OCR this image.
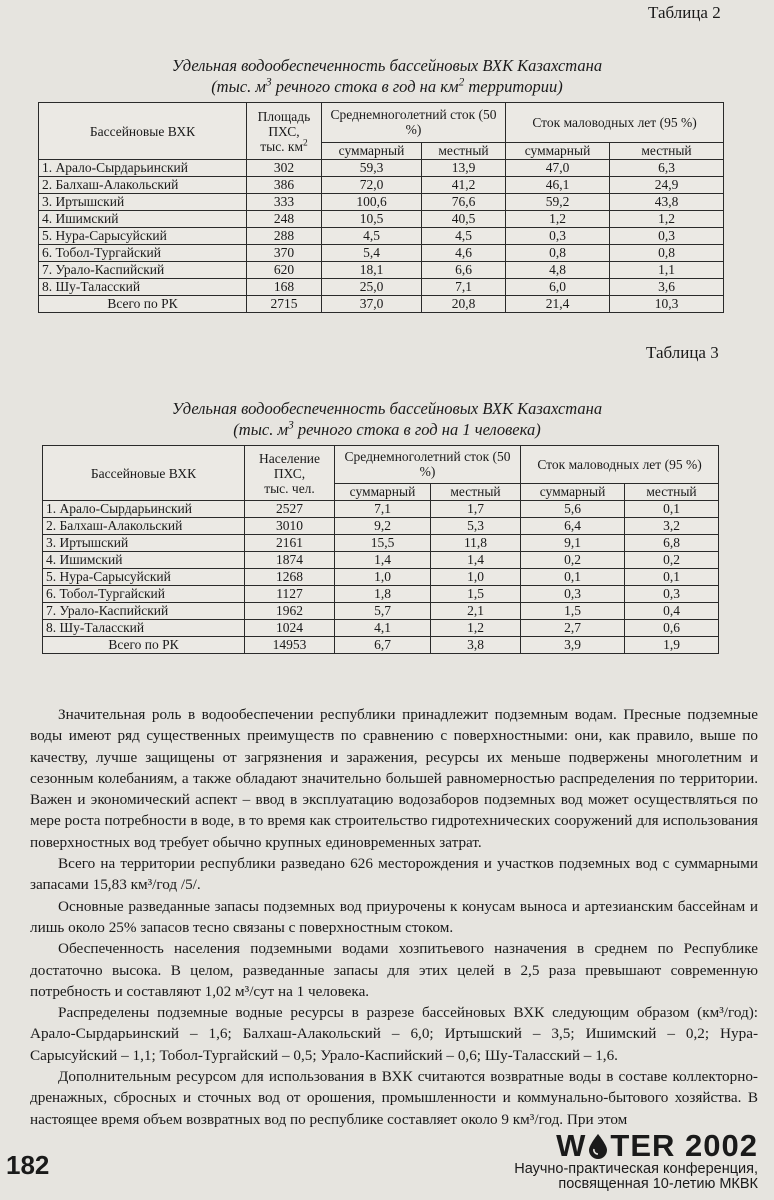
Таблица 2
Удельная водообеспеченность бассейновых ВХК Казахстана
(тыс. $м^3$ речного стока в год на $км^2$ территории)
Бассейновые ВХК	Площадь
ПХС,
тыс. $км^2$	Среднемноголетний сток (50 %)		Сток маловодных лет (95 %)	
		суммарный	местный	суммарный	местный
1. Арало-Сырдарьинский	302	59,3	13,9	47,0	6,3
2. Балхаш-Алакольский	386	72,0	41,2	46,1	24,9
3. Иртышский	333	100,6	76,6	59,2	43,8
4. Ишимский	248	10,5	40,5	1,2	1,2
5. Нура-Сарысуйский	288	4,5	4,5	0,3	0,3
6. Тобол-Тургайский	370	5,4	4,6	0,8	0,8
7. Урало-Каспийский	620	18,1	6,6	4,8	1,1
8. Шу-Таласский	168	25,0	7,1	6,0	3,6
Всего по РК	2715	37,0	20,8	21,4	10,3
Таблица 3
Удельная водообеспеченность бассейновых ВХК Казахстана
(тыс. $м^3$ речного стока в год на 1 человека)
Бассейновые ВХК	Население
ПХС,
тыс. чел.	Среднемноголетний сток (50 %)		Сток маловодных лет (95 %)	
		суммарный	местный	суммарный	местный
1. Арало-Сырдарьинский	2527	7,1	1,7	5,6	0,1
2. Балхаш-Алакольский	3010	9,2	5,3	6,4	3,2
3. Иртышский	2161	15,5	11,8	9,1	6,8
4. Ишимский	1874	1,4	1,4	0,2	0,2
5. Нура-Сарысуйский	1268	1,0	1,0	0,1	0,1
6. Тобол-Тургайский	1127	1,8	1,5	0,3	0,3
7. Урало-Каспийский	1962	5,7	2,1	1,5	0,4
8. Шу-Таласский	1024	4,1	1,2	2,7	0,6
Всего по РК	14953	6,7	3,8	3,9	1,9

Значительная роль в водообеспечении республики принадлежит подземным водам. Пресные подземные воды имеют ряд существенных преимуществ по сравнению с поверхностными: они, как правило, выше по качеству, лучше защищены от загрязнения и заражения, ресурсы их меньше подвержены многолетним и сезонным колебаниям, а также обладают значительно большей равномерностью распределения по территории. Важен и экономический аспект – ввод в эксплуатацию водозаборов подземных вод может осуществляться по мере роста потребности в воде, в то время как строительство гидротехнических сооружений для использования поверхностных вод требует обычно крупных единовременных затрат.

Всего на территории республики разведано 626 месторождения и участков подземных вод с суммарными запасами 15,83 км³/год /5/.

Основные разведанные запасы подземных вод приурочены к конусам выноса и артезианским бассейнам и лишь около 25% запасов тесно связаны с поверхностным стоком.

Обеспеченность населения подземными водами хозпитьевого назначения в среднем по Республике достаточно высока. В целом, разведанные запасы для этих целей в 2,5 раза превышают современную потребность и составляют 1,02 м³/сут на 1 человека.

Распределены подземные водные ресурсы в разрезе бассейновых ВХК следующим образом (км³/год): Арало-Сырдарьинский – 1,6; Балхаш-Алакольский – 6,0; Иртышский – 3,5; Ишимский – 0,2; Нура-Сарысуйский – 1,1; Тобол-Тургайский – 0,5; Урало-Каспийский – 0,6; Шу-Таласский – 1,6.

Дополнительным ресурсом для использования в ВХК считаются возвратные воды в составе коллекторно-дренажных, сбросных и сточных вод от орошения, промышленности и коммунально-бытового хозяйства. В настоящее время объем возвратных вод по республике составляет около 9 км³/год. При этом

182
W TER 2002
Научно-практическая конференция,
посвященная 10-летию МКВК
